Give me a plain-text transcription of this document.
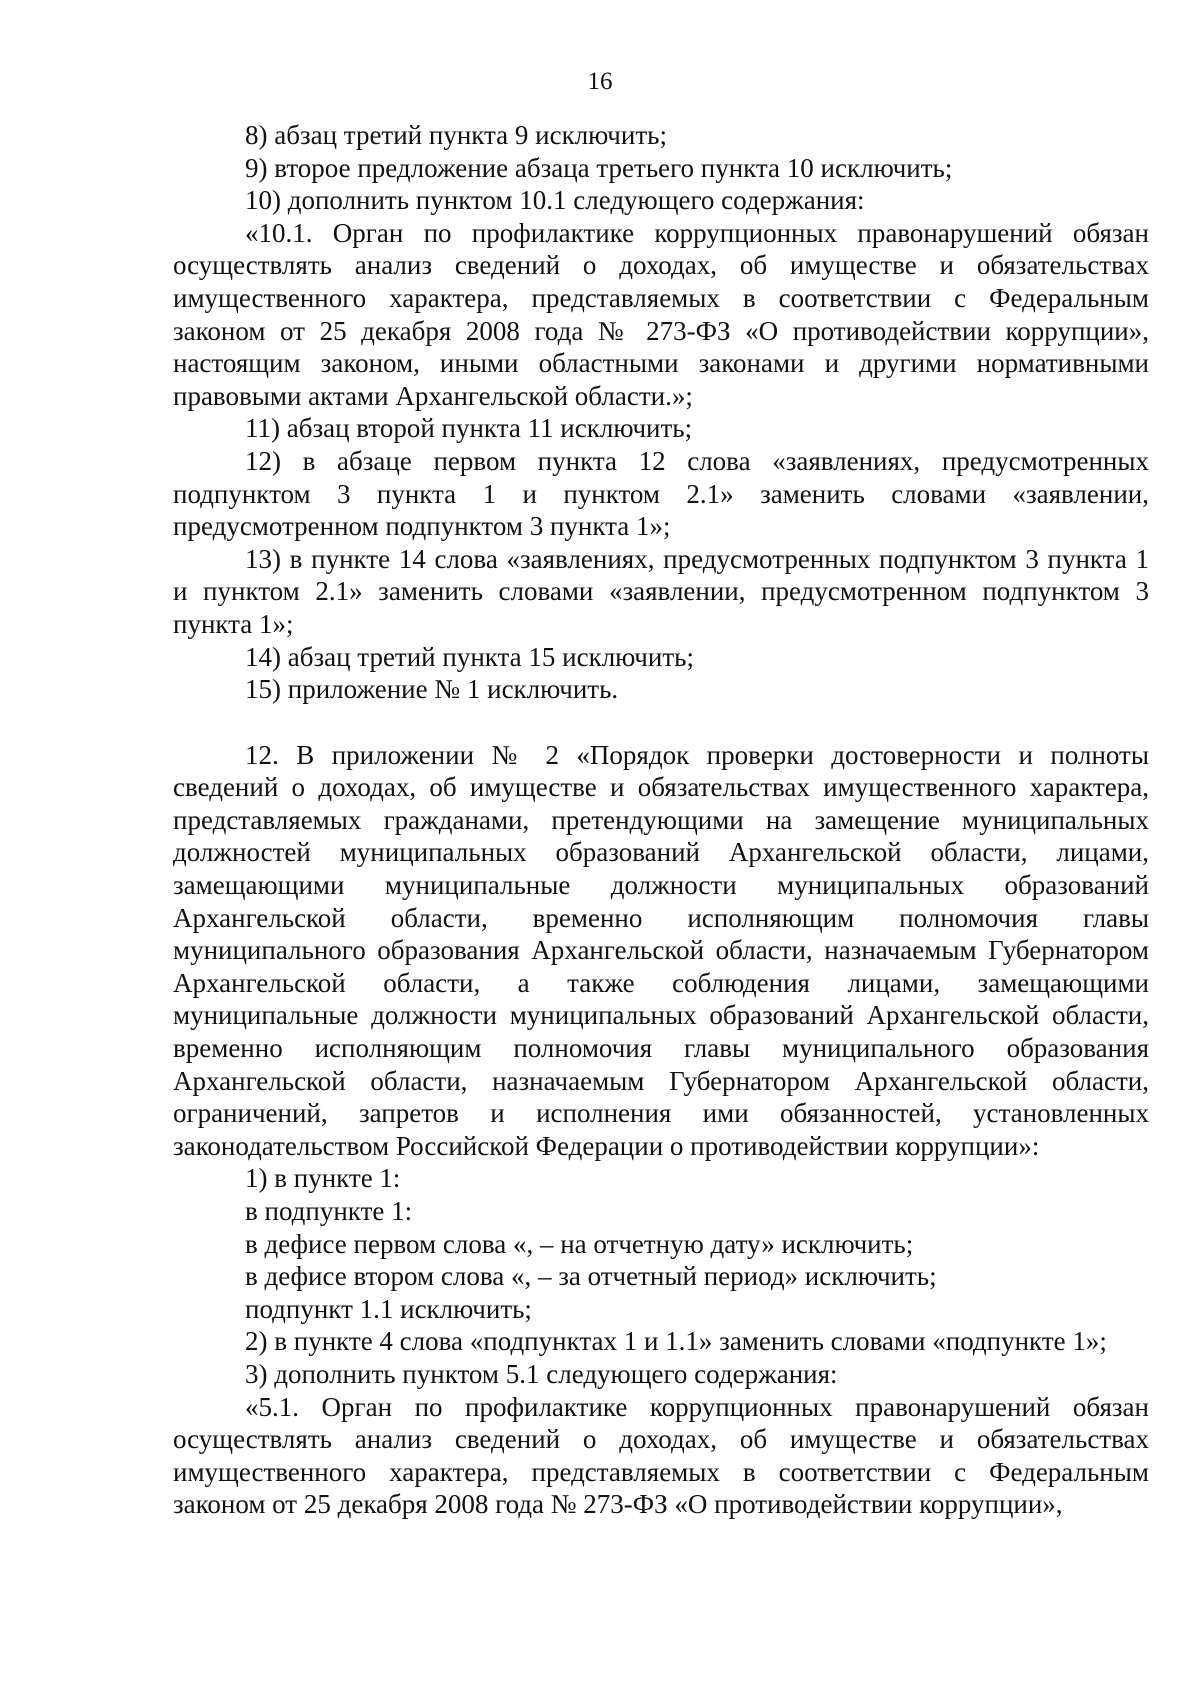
16

8) абзац третий пункта 9 исключить;

9) второе предложение абзаца третьего пункта 10 исключить;

10) дополнить пунктом 10.1 следующего содержания:

«10.1. Орган по профилактике коррупционных правонарушений обязан осуществлять анализ сведений о доходах, об имуществе и обязательствах имущественного характера, представляемых в соответствии с Федеральным законом от 25 декабря 2008 года № 273-ФЗ «О противодействии коррупции», настоящим законом, иными областными законами и другими нормативными правовыми актами Архангельской области.»;

11) абзац второй пункта 11 исключить;

12) в абзаце первом пункта 12 слова «заявлениях, предусмотренных подпунктом 3 пункта 1 и пунктом 2.1» заменить словами «заявлении, предусмотренном подпунктом 3 пункта 1»;

13) в пункте 14 слова «заявлениях, предусмотренных подпунктом 3 пункта 1 и пунктом 2.1» заменить словами «заявлении, предусмотренном подпунктом 3 пункта 1»;

14) абзац третий пункта 15 исключить;

15) приложение № 1 исключить.

12. В приложении № 2 «Порядок проверки достоверности и полноты сведений о доходах, об имуществе и обязательствах имущественного характера, представляемых гражданами, претендующими на замещение муниципальных должностей муниципальных образований Архангельской области, лицами, замещающими муниципальные должности муниципальных образований Архангельской области, временно исполняющим полномочия главы муниципального образования Архангельской области, назначаемым Губернатором Архангельской области, а также соблюдения лицами, замещающими муниципальные должности муниципальных образований Архангельской области, временно исполняющим полномочия главы муниципального образования Архангельской области, назначаемым Губернатором Архангельской области, ограничений, запретов и исполнения ими обязанностей, установленных законодательством Российской Федерации о противодействии коррупции»:

1) в пункте 1:

в подпункте 1:

в дефисе первом слова «, – на отчетную дату» исключить;

в дефисе втором слова «, – за отчетный период» исключить;

подпункт 1.1 исключить;

2) в пункте 4 слова «подпунктах 1 и 1.1» заменить словами «подпункте 1»;

3) дополнить пунктом 5.1 следующего содержания:

«5.1. Орган по профилактике коррупционных правонарушений обязан осуществлять анализ сведений о доходах, об имуществе и обязательствах имущественного характера, представляемых в соответствии с Федеральным законом от 25 декабря 2008 года № 273-ФЗ «О противодействии коррупции»,
